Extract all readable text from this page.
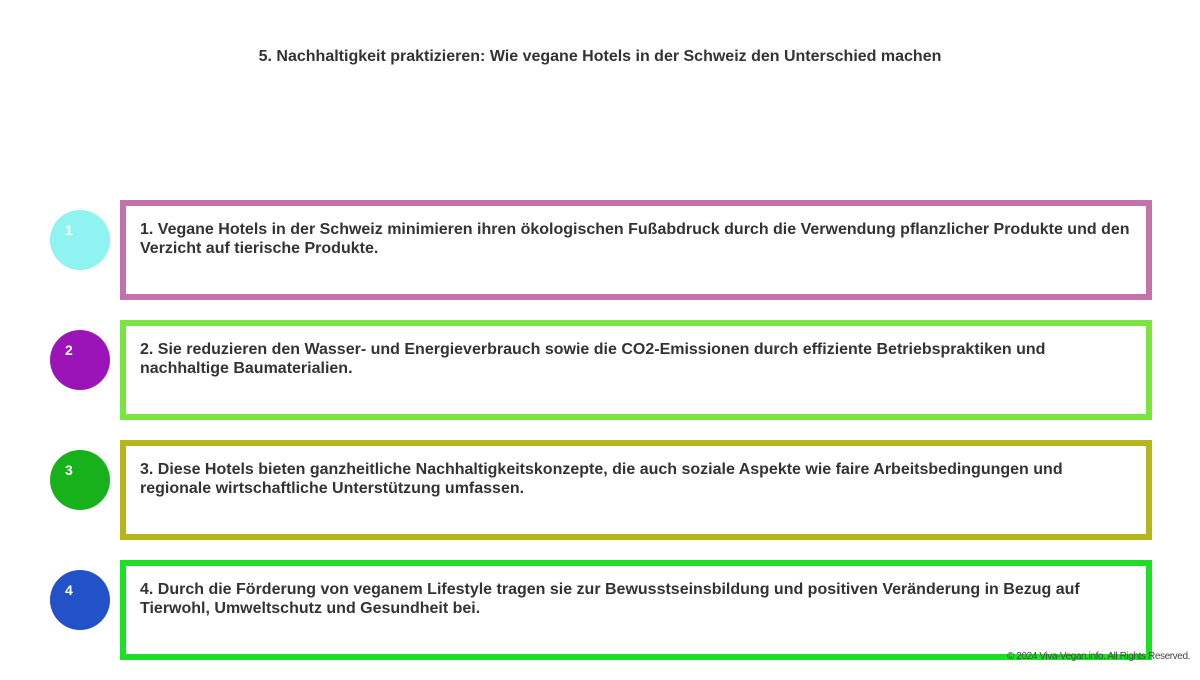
5. Nachhaltigkeit praktizieren: Wie vegane Hotels in der Schweiz den Unterschied machen
1	1. Vegane Hotels in der Schweiz minimieren ihren ökologischen Fußabdruck durch die Verwendung pflanzlicher Produkte und den Verzicht auf tierische Produkte.
2	2. Sie reduzieren den Wasser- und Energieverbrauch sowie die CO2-Emissionen durch effiziente Betriebspraktiken und nachhaltige Baumaterialien.
3	3. Diese Hotels bieten ganzheitliche Nachhaltigkeitskonzepte, die auch soziale Aspekte wie faire Arbeitsbedingungen und regionale wirtschaftliche Unterstützung umfassen.
4	4. Durch die Förderung von veganem Lifestyle tragen sie zur Bewusstseinsbildung und positiven Veränderung in Bezug auf Tierwohl, Umweltschutz und Gesundheit bei.
© 2024 Viva-Vegan.info. All Rights Reserved.
